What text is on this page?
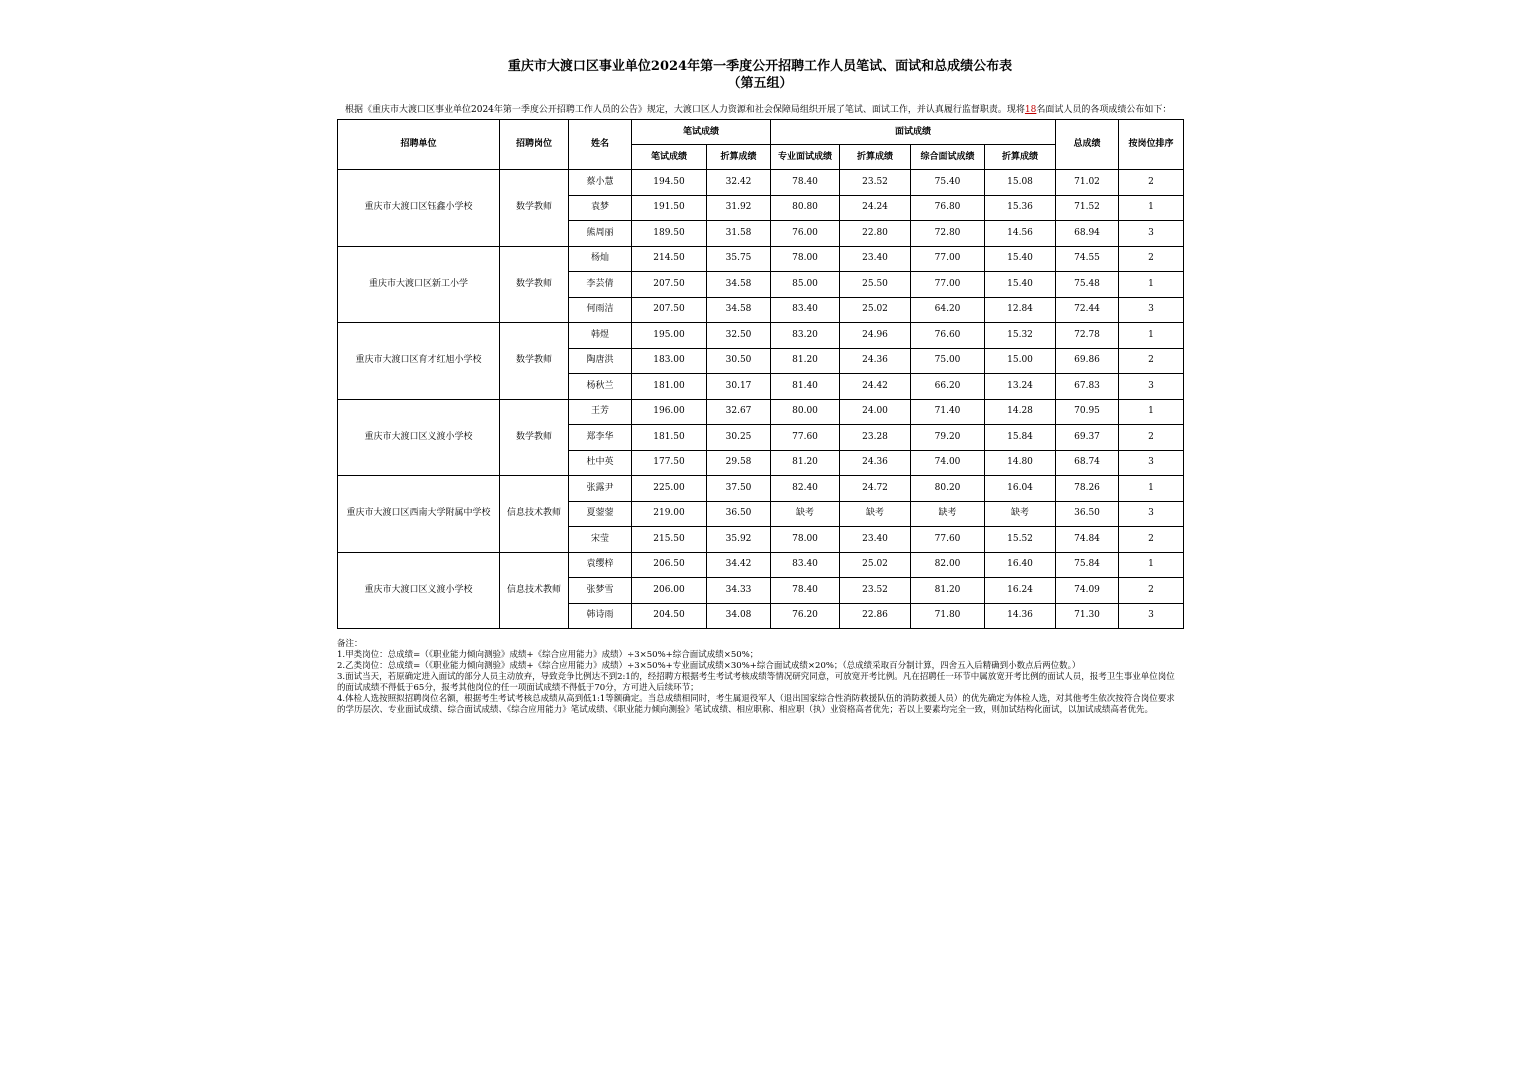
重庆市大渡口区事业单位2024年第一季度公开招聘工作人员笔试、面试和总成绩公布表
（第五组）
根据《重庆市大渡口区事业单位2024年第一季度公开招聘工作人员的公告》规定，大渡口区人力资源和社会保障局组织开展了笔试、面试工作，并认真履行监督职责。现将18名面试人员的各项成绩公布如下：
招聘单位	招聘岗位	姓名	笔试成绩		面试成绩				总成绩	按岗位排序
			笔试成绩	折算成绩	专业面试成绩	折算成绩	综合面试成绩	折算成绩		
重庆市大渡口区钰鑫小学校	数学教师	蔡小慧	194.50	32.42	78.40	23.52	75.40	15.08	71.02	2
		袁梦	191.50	31.92	80.80	24.24	76.80	15.36	71.52	1
		熊周丽	189.50	31.58	76.00	22.80	72.80	14.56	68.94	3
重庆市大渡口区新工小学	数学教师	杨灿	214.50	35.75	78.00	23.40	77.00	15.40	74.55	2
		李芸倩	207.50	34.58	85.00	25.50	77.00	15.40	75.48	1
		何雨洁	207.50	34.58	83.40	25.02	64.20	12.84	72.44	3
重庆市大渡口区育才红旭小学校	数学教师	韩煜	195.00	32.50	83.20	24.96	76.60	15.32	72.78	1
		陶唐洪	183.00	30.50	81.20	24.36	75.00	15.00	69.86	2
		杨秋兰	181.00	30.17	81.40	24.42	66.20	13.24	67.83	3
重庆市大渡口区义渡小学校	数学教师	王芳	196.00	32.67	80.00	24.00	71.40	14.28	70.95	1
		郑李华	181.50	30.25	77.60	23.28	79.20	15.84	69.37	2
		杜中英	177.50	29.58	81.20	24.36	74.00	14.80	68.74	3
重庆市大渡口区西南大学附属中学校	信息技术教师	张露尹	225.00	37.50	82.40	24.72	80.20	16.04	78.26	1
		夏蓥蓥	219.00	36.50	缺考	缺考	缺考	缺考	36.50	3
		宋莹	215.50	35.92	78.00	23.40	77.60	15.52	74.84	2
重庆市大渡口区义渡小学校	信息技术教师	袁缨梓	206.50	34.42	83.40	25.02	82.00	16.40	75.84	1
		张梦雪	206.00	34.33	78.40	23.52	81.20	16.24	74.09	2
		韩诗雨	204.50	34.08	76.20	22.86	71.80	14.36	71.30	3
备注：
1.甲类岗位：总成绩=（《职业能力倾向测验》成绩+《综合应用能力》成绩）÷3×50%+综合面试成绩×50%；
2.乙类岗位：总成绩=（《职业能力倾向测验》成绩+《综合应用能力》成绩）÷3×50%+专业面试成绩×30%+综合面试成绩×20%；（总成绩采取百分制计算，四舍五入后精确到小数点后两位数。）
3.面试当天，若原确定进入面试的部分人员主动放弃，导致竞争比例达不到2:1的，经招聘方根据考生考试考核成绩等情况研究同意，可放宽开考比例。凡在招聘任一环节中属放宽开考比例的面试人员，报考卫生事业单位岗位的面试成绩不得低于65分，报考其他岗位的任一项面试成绩不得低于70分，方可进入后续环节；
4.体检人选按照拟招聘岗位名额，根据考生考试考核总成绩从高到低1:1等额确定。当总成绩相同时，考生属退役军人（退出国家综合性消防救援队伍的消防救援人员）的优先确定为体检人选，对其他考生依次按符合岗位要求的学历层次、专业面试成绩、综合面试成绩、《综合应用能力》笔试成绩、《职业能力倾向测验》笔试成绩、相应职称、相应职（执）业资格高者优先；若以上要素均完全一致，则加试结构化面试，以加试成绩高者优先。
